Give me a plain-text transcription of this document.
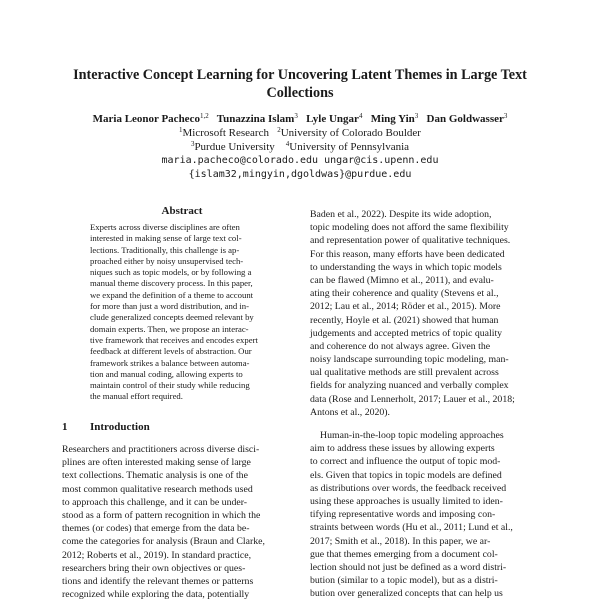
Interactive Concept Learning for Uncovering Latent Themes in Large Text
Collections
Maria Leonor Pacheco$^{1,2}$ Tunazzina Islam$^3$ Lyle Ungar$^4$ Ming Yin$^3$ Dan Goldwasser$^3$
$^1$Microsoft Research $^2$University of Colorado Boulder
$^3$Purdue University $^4$University of Pennsylvania
maria.pacheco@colorado.edu ungar@cis.upenn.edu
{islam32,mingyin,dgoldwas}@purdue.edu
Abstract
Experts across diverse disciplines are often
interested in making sense of large text col-
lections. Traditionally, this challenge is ap-
proached either by noisy unsupervised tech-
niques such as topic models, or by following a
manual theme discovery process. In this paper,
we expand the definition of a theme to account
for more than just a word distribution, and in-
clude generalized concepts deemed relevant by
domain experts. Then, we propose an interac-
tive framework that receives and encodes expert
feedback at different levels of abstraction. Our
framework strikes a balance between automa-
tion and manual coding, allowing experts to
maintain control of their study while reducing
the manual effort required.
1 Introduction
Researchers and practitioners across diverse disci-
plines are often interested making sense of large
text collections. Thematic analysis is one of the
most common qualitative research methods used
to approach this challenge, and it can be under-
stood as a form of pattern recognition in which the
themes (or codes) that emerge from the data be-
come the categories for analysis (Braun and Clarke,
2012; Roberts et al., 2019). In standard practice,
researchers bring their own objectives or ques-
tions and identify the relevant themes or patterns
recognized while exploring the data, potentially
Baden et al., 2022). Despite its wide adoption,
topic modeling does not afford the same flexibility
and representation power of qualitative techniques.
For this reason, many efforts have been dedicated
to understanding the ways in which topic models
can be flawed (Mimno et al., 2011), and evalu-
ating their coherence and quality (Stevens et al.,
2012; Lau et al., 2014; Röder et al., 2015). More
recently, Hoyle et al. (2021) showed that human
judgements and accepted metrics of topic quality
and coherence do not always agree. Given the
noisy landscape surrounding topic modeling, man-
ual qualitative methods are still prevalent across
fields for analyzing nuanced and verbally complex
data (Rose and Lennerholt, 2017; Lauer et al., 2018;
Antons et al., 2020).
Human-in-the-loop topic modeling approaches
aim to address these issues by allowing experts
to correct and influence the output of topic mod-
els. Given that topics in topic models are defined
as distributions over words, the feedback received
using these approaches is usually limited to iden-
tifying representative words and imposing con-
straints between words (Hu et al., 2011; Lund et al.,
2017; Smith et al., 2018). In this paper, we ar-
gue that themes emerging from a document col-
lection should not just be defined as a word distri-
bution (similar to a topic model), but as a distri-
bution over generalized concepts that can help us
